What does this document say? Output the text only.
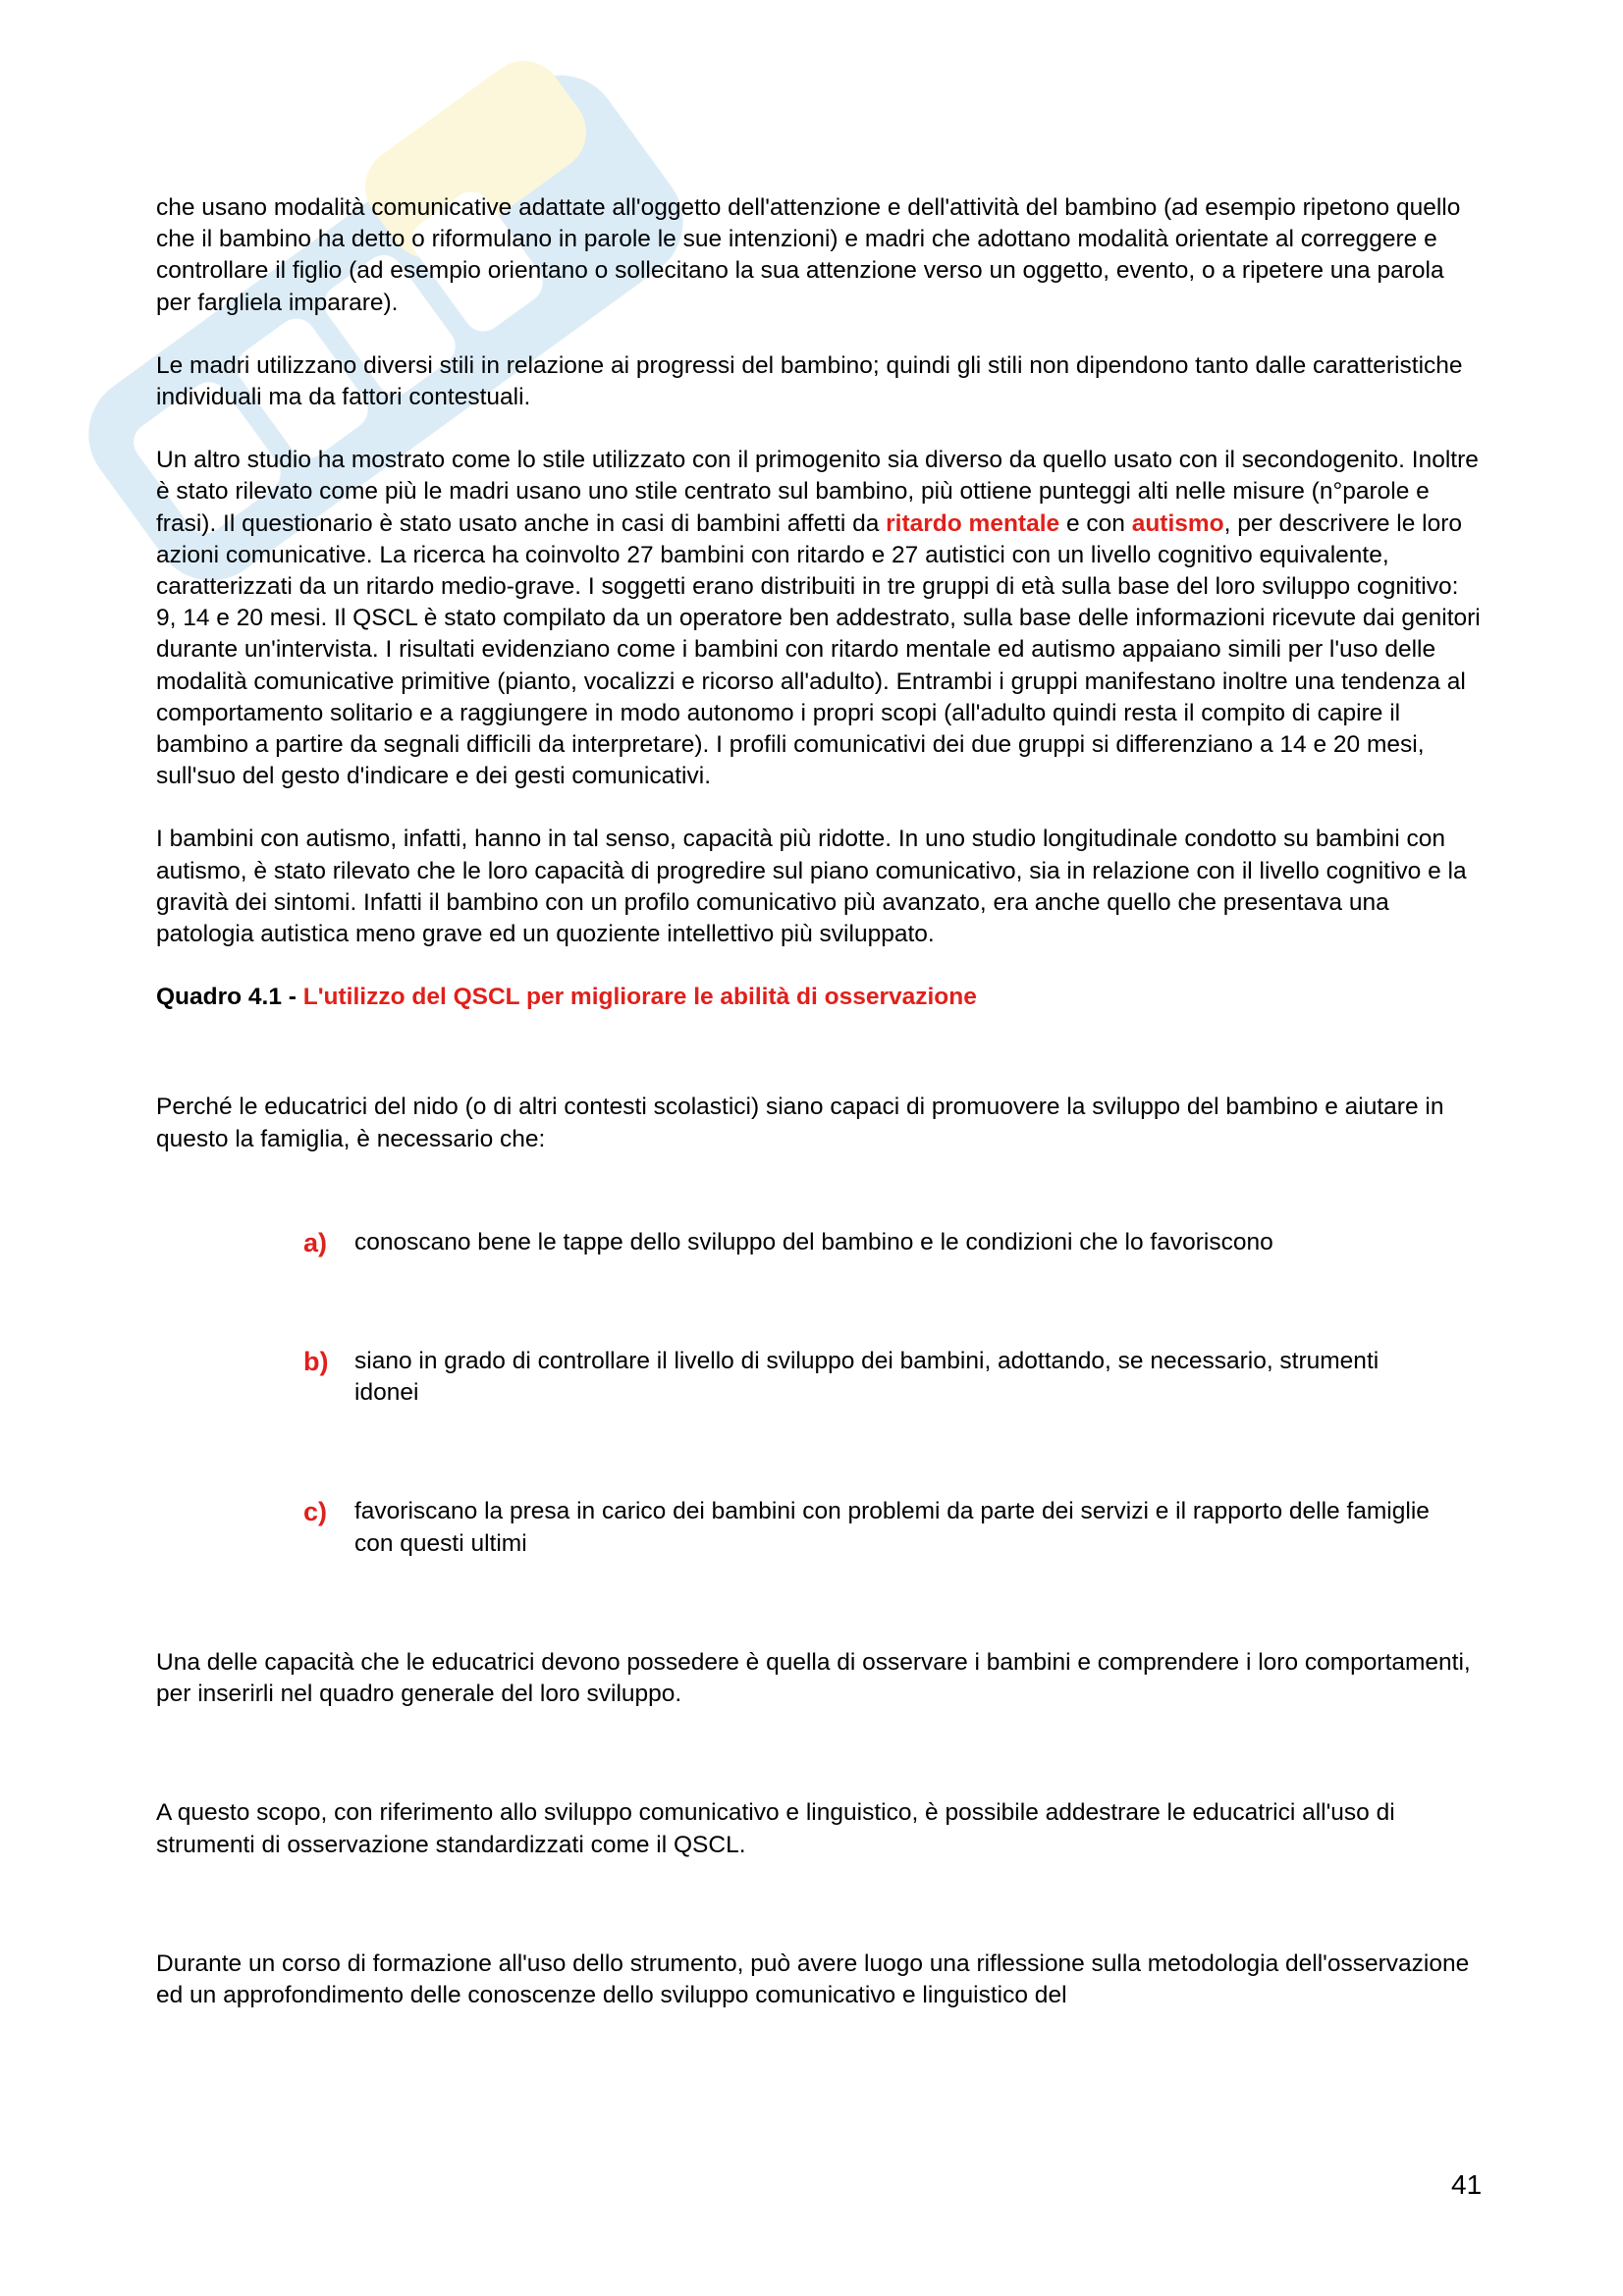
che usano modalità comunicative adattate all'oggetto dell'attenzione e dell'attività del bambino (ad esempio ripetono quello che il bambino ha detto o riformulano in parole le sue intenzioni) e madri che adottano modalità orientate al correggere e controllare il figlio (ad esempio orientano o sollecitano la sua attenzione verso un oggetto, evento, o a ripetere una parola per fargliela imparare).

Le madri utilizzano diversi stili in relazione ai progressi del bambino; quindi gli stili non dipendono tanto dalle caratteristiche individuali ma da fattori contestuali.

Un altro studio ha mostrato come lo stile utilizzato con il primogenito sia diverso da quello usato con il secondogenito. Inoltre è stato rilevato come più le madri usano uno stile centrato sul bambino, più ottiene punteggi alti nelle misure (n°parole e frasi). Il questionario è stato usato anche in casi di bambini affetti da ritardo mentale e con autismo, per descrivere le loro azioni comunicative. La ricerca ha coinvolto 27 bambini con ritardo e 27 autistici con un livello cognitivo equivalente, caratterizzati da un ritardo medio-grave. I soggetti erano distribuiti in tre gruppi di età sulla base del loro sviluppo cognitivo: 9, 14 e 20 mesi. Il QSCL è stato compilato da un operatore ben addestrato, sulla base delle informazioni ricevute dai genitori durante un'intervista. I risultati evidenziano come i bambini con ritardo mentale ed autismo appaiano simili per l'uso delle modalità comunicative primitive (pianto, vocalizzi e ricorso all'adulto). Entrambi i gruppi manifestano inoltre una tendenza al comportamento solitario e a raggiungere in modo autonomo i propri scopi (all'adulto quindi resta il compito di capire il bambino a partire da segnali difficili da interpretare). I profili comunicativi dei due gruppi si differenziano a 14 e 20 mesi, sull'suo del gesto d'indicare e dei gesti comunicativi.

I bambini con autismo, infatti, hanno in tal senso, capacità più ridotte. In uno studio longitudinale condotto su bambini con autismo, è stato rilevato che le loro capacità di progredire sul piano comunicativo, sia in relazione con il livello cognitivo e la gravità dei sintomi. Infatti il bambino con un profilo comunicativo più avanzato, era anche quello che presentava una patologia autistica meno grave ed un quoziente intellettivo più sviluppato.

Quadro 4.1 - L'utilizzo del QSCL per migliorare le abilità di osservazione

Perché le educatrici del nido (o di altri contesti scolastici) siano capaci di promuovere la sviluppo del bambino e aiutare in questo la famiglia, è necessario che:

a)	conoscano bene le tappe dello sviluppo del bambino e le condizioni che lo favoriscono
b)	siano in grado di controllare il livello di sviluppo dei bambini, adottando, se necessario, strumenti idonei
c)	favoriscano la presa in carico dei bambini con problemi da parte dei servizi e il rapporto delle famiglie con questi ultimi

Una delle capacità che le educatrici devono possedere è quella di osservare i bambini e comprendere i loro comportamenti, per inserirli nel quadro generale del loro sviluppo.

A questo scopo, con riferimento allo sviluppo comunicativo e linguistico, è possibile addestrare le educatrici all'uso di strumenti di osservazione standardizzati come il QSCL.

Durante un corso di formazione all'uso dello strumento, può avere luogo una riflessione sulla metodologia dell'osservazione ed un approfondimento delle conoscenze dello sviluppo comunicativo e linguistico del

41
